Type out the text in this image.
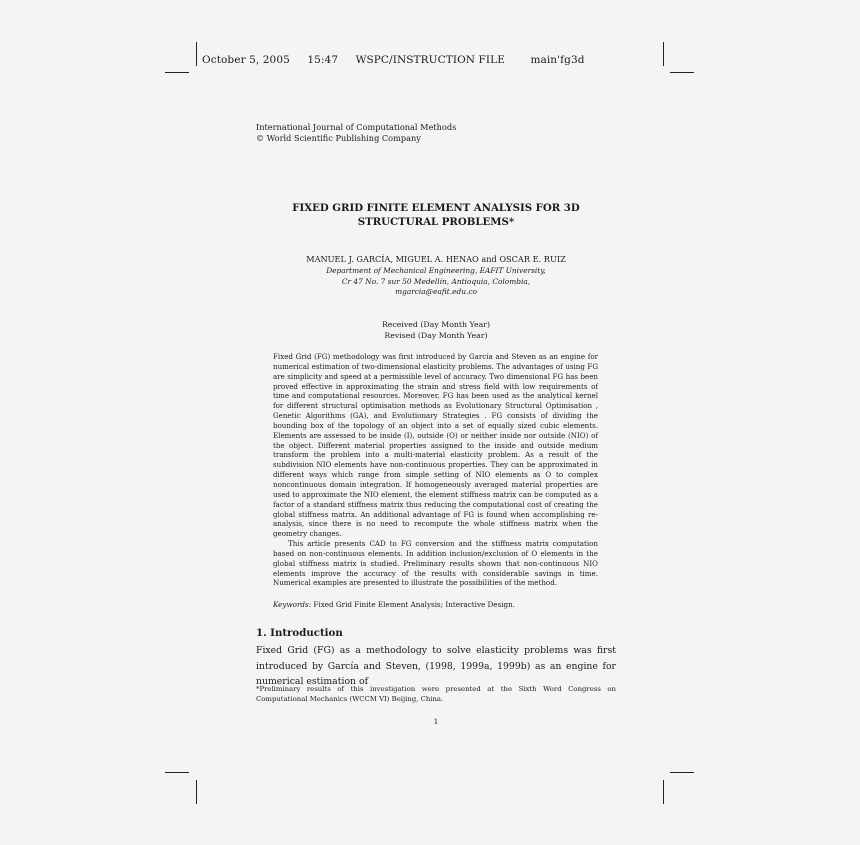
October 5, 2005 15:47 WSPC/INSTRUCTION FILE main'fg3d
International Journal of Computational Methods
© World Scientific Publishing Company
FIXED GRID FINITE ELEMENT ANALYSIS FOR 3D STRUCTURAL PROBLEMS*
MANUEL J. GARCÍA, MIGUEL A. HENAO and OSCAR E. RUIZ
Department of Mechanical Engineering, EAFIT University,
Cr 47 No. 7 sur 50 Medellín, Antioquia, Colombia,
mgarcia@eafit.edu.co
Received (Day Month Year)
Revised (Day Month Year)

Fixed Grid (FG) methodology was first introduced by García and Steven as an engine for numerical estimation of two-dimensional elasticity problems. The advantages of using FG are simplicity and speed at a permissible level of accuracy. Two dimensional FG has been proved effective in approximating the strain and stress field with low requirements of time and computational resources. Moreover, FG has been used as the analytical kernel for different structural optimisation methods as Evolutionary Structural Optimisation , Genetic Algorithms (GA), and Evolutionary Strategies . FG consists of dividing the bounding box of the topology of an object into a set of equally sized cubic elements. Elements are assessed to be inside (I), outside (O) or neither inside nor outside (NIO) of the object. Different material properties assigned to the inside and outside medium transform the problem into a multi-material elasticity problem. As a result of the subdivision NIO elements have non-continuous properties. They can be approximated in different ways which range from simple setting of NIO elements as O to complex noncontinuous domain integration. If homogeneously averaged material properties are used to approximate the NIO element, the element stiffness matrix can be computed as a factor of a standard stiffness matrix thus reducing the computational cost of creating the global stiffness matrix. An additional advantage of FG is found when accomplishing re-analysis, since there is no need to recompute the whole stiffness matrix when the geometry changes.

This article presents CAD to FG conversion and the stiffness matrix computation based on non-continuous elements. In addition inclusion/exclusion of O elements in the global stiffness matrix is studied. Preliminary results shown that non-continuous NIO elements improve the accuracy of the results with considerable savings in time. Numerical examples are presented to illustrate the possibilities of the method.

Keywords: Fixed Grid Finite Element Analysis; Interactive Design.
1. Introduction
Fixed Grid (FG) as a methodology to solve elasticity problems was first introduced by García and Steven, (1998, 1999a, 1999b) as an engine for numerical estimation of
*Preliminary results of this investigation were presented at the Sixth Word Congress on Computational Mechanics (WCCM VI) Beijing, China.
1
